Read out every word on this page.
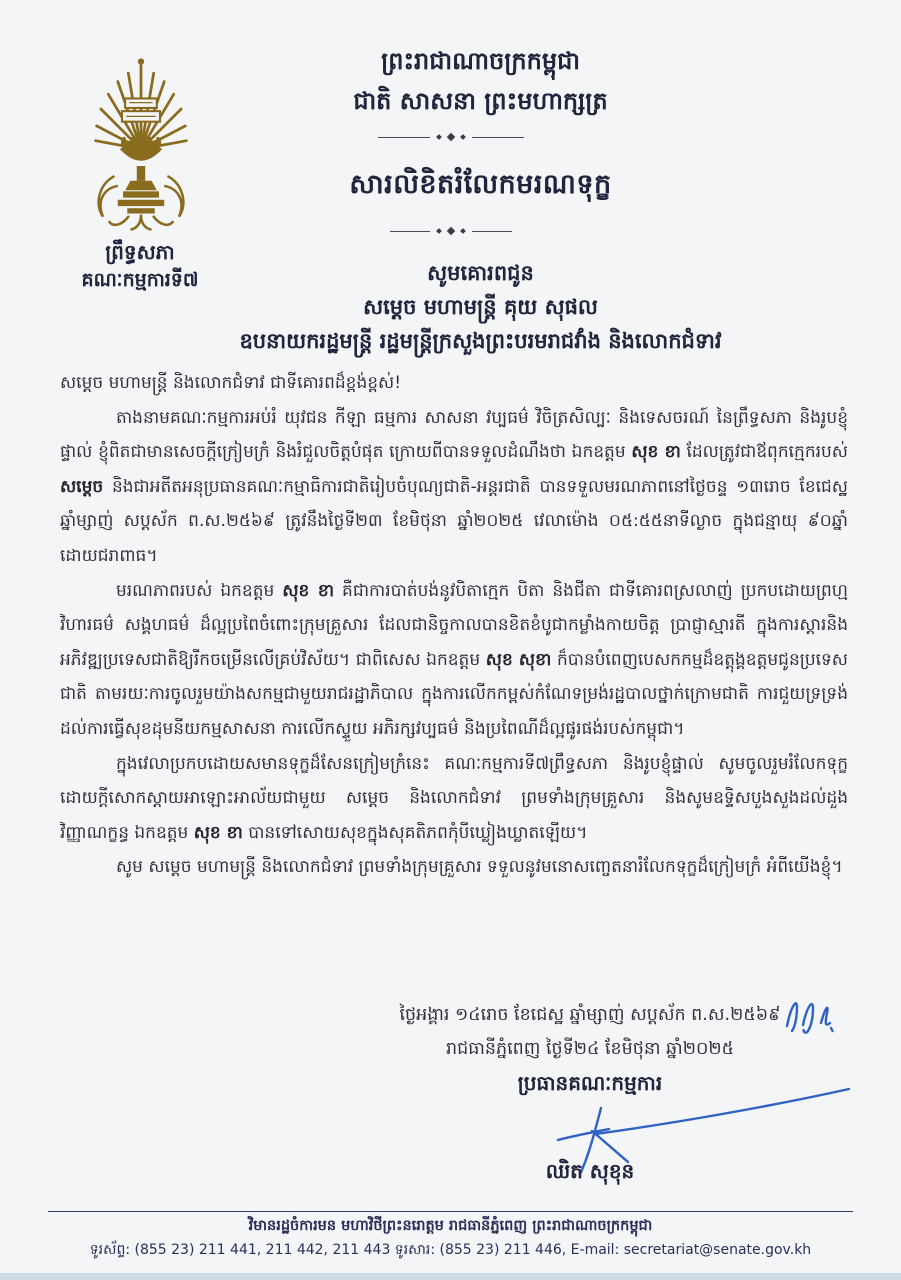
ព្រឹទ្ធសភា
គណៈកម្មការទី៧
ព្រះរាជាណាចក្រកម្ពុជា
ជាតិ សាសនា ព្រះមហាក្សត្រ
សារលិខិតរំលែកមរណទុក្ខ
សូមគោរពជូន
សម្ដេច មហាមន្ត្រី គុយ សុផល
ឧបនាយករដ្ឋមន្ត្រី រដ្ឋមន្ត្រីក្រសួងព្រះបរមរាជវាំង និងលោកជំទាវ

សម្ដេច មហាមន្ត្រី និងលោកជំទាវ ជាទីគោរពដ៏ខ្ពង់ខ្ពស់!

តាងនាមគណៈកម្មការអប់រំ យុវជន កីឡា ធម្មការ សាសនា វប្បធម៌ វិចិត្រសិល្បៈ និងទេសចរណ៍ នៃព្រឹទ្ធសភា និងរូបខ្ញុំផ្ទាល់ ខ្ញុំពិតជាមានសេចក្ដីក្រៀមក្រំ និងរំជួលចិត្តបំផុត ក្រោយពីបានទទួលដំណឹងថា ឯកឧត្តម សុខ ខា ដែលត្រូវជាឪពុកក្មេករបស់ សម្ដេច និងជាអតីតអនុប្រធានគណៈកម្មាធិការជាតិរៀបចំបុណ្យជាតិ-អន្តរជាតិ បានទទួលមរណភាពនៅថ្ងៃចន្ទ ១៣រោច ខែជេស្ឋ ឆ្នាំម្សាញ់ សប្តស័ក ព.ស.២៥៦៩ ត្រូវនឹងថ្ងៃទី២៣ ខែមិថុនា ឆ្នាំ២០២៥ វេលាម៉ោង ០៥:៥៥នាទីល្ងាច ក្នុងជន្មាយុ ៩០ឆ្នាំ ដោយជរាពាធ។

មរណភាពរបស់ ឯកឧត្តម សុខ ខា គឺជាការបាត់បង់នូវបិតាក្មេក បិតា និងជីតា ជាទីគោរពស្រលាញ់ ប្រកបដោយព្រហ្មវិហារធម៌ សង្គហធម៌ ដ៏ល្អប្រពៃចំពោះក្រុមគ្រួសារ ដែលជានិច្ចកាលបានខិតខំបូជាកម្លាំងកាយចិត្ត ប្រាជ្ញាស្មារតី ក្នុងការស្ដារនិងអភិវឌ្ឍប្រទេសជាតិឱ្យរីកចម្រើនលើគ្រប់វិស័យ។ ជាពិសេស ឯកឧត្តម សុខ សុខា ក៏បានបំពេញបេសកកម្មដ៏ឧត្តុង្គឧត្តមជូនប្រទេសជាតិ តាមរយៈការចូលរួមយ៉ាងសកម្មជាមួយរាជរដ្ឋាភិបាល ក្នុងការលើកកម្ពស់កំណែទម្រង់រដ្ឋបាលថ្នាក់ក្រោមជាតិ ការជួយទ្រទ្រង់ដល់ការធ្វើសុខដុមនីយកម្មសាសនា ការលើកស្ទួយ អភិរក្សវប្បធម៌ និងប្រពៃណីដ៏ល្អផូរផង់របស់កម្ពុជា។

ក្នុងវេលាប្រកបដោយសមានទុក្ខដ៏សែនក្រៀមក្រំនេះ គណៈកម្មការទី៧ព្រឹទ្ធសភា និងរូបខ្ញុំផ្ទាល់ សូមចូលរួមរំលែកទុក្ខដោយក្ដីសោកស្ដាយអាឡោះអាល័យជាមួយ សម្ដេច និងលោកជំទាវ ព្រមទាំងក្រុមគ្រួសារ និងសូមឧទ្ទិសបួងសួងដល់ដួងវិញ្ញាណក្ខន្ធ ឯកឧត្តម សុខ ខា បានទៅសោយសុខក្នុងសុគតិភពកុំបីឃ្លៀងឃ្លាតឡើយ។

សូម សម្ដេច មហាមន្ត្រី និងលោកជំទាវ ព្រមទាំងក្រុមគ្រួសារ ទទួលនូវមនោសញ្ចេតនារំលែកទុក្ខដ៏ក្រៀមក្រំ អំពីយើងខ្ញុំ។

ថ្ងៃអង្គារ ១៤រោច ខែជេស្ឋ ឆ្នាំម្សាញ់ សប្តស័ក ព.ស.២៥៦៩
រាជធានីភ្នំពេញ ថ្ងៃទី២៤ ខែមិថុនា ឆ្នាំ២០២៥
ប្រធានគណៈកម្មការ
ឈិត សុខុន
វិមានរដ្ឋចំការមន មហាវិថីព្រះនរោត្តម រាជធានីភ្នំពេញ ព្រះរាជាណាចក្រកម្ពុជា
ទូរស័ព្ទ: (855 23) 211 441, 211 442, 211 443 ទូរសារ: (855 23) 211 446, E-mail: secretariat@senate.gov.kh
